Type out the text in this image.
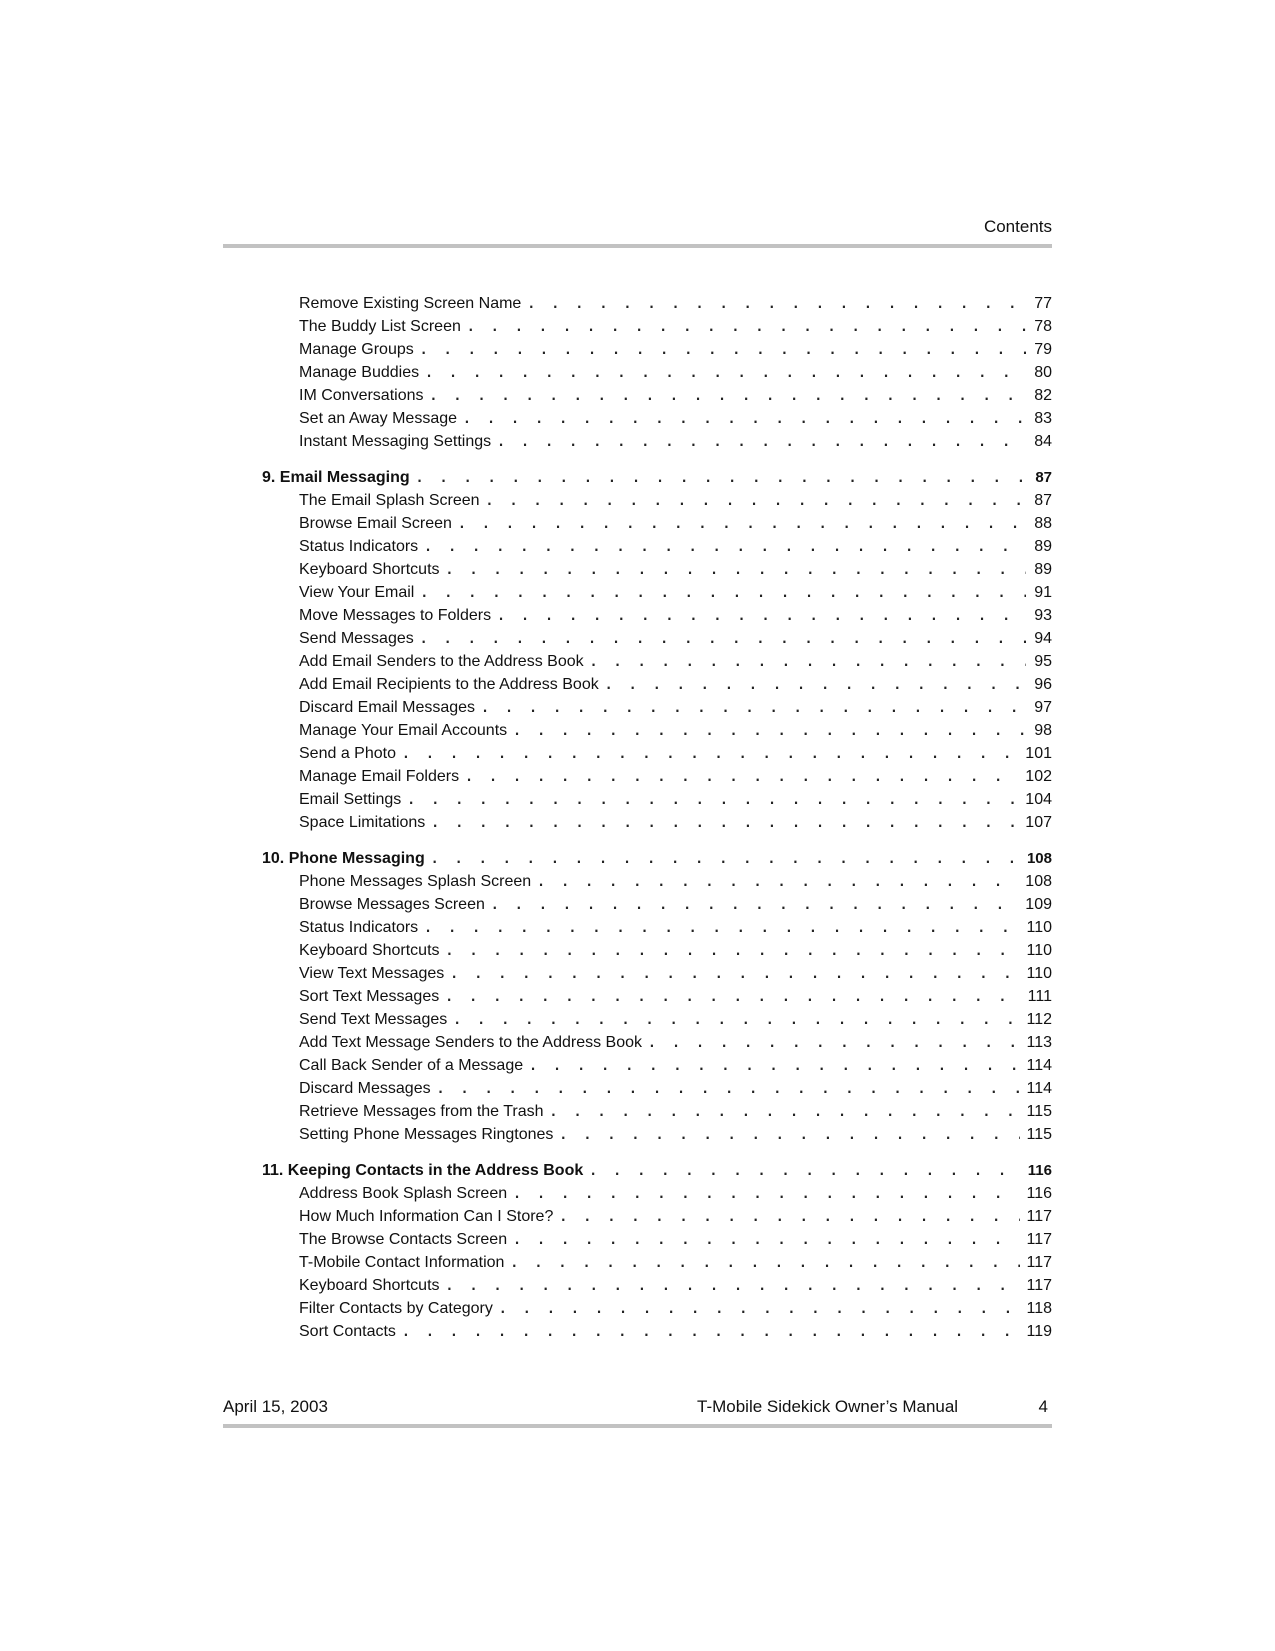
Contents
Remove Existing Screen Name . . .	77
The Buddy List Screen . . .	78
Manage Groups . . .	79
Manage Buddies . . .	80
IM Conversations . . .	82
Set an Away Message . . .	83
Instant Messaging Settings . . .	84
9. Email Messaging . . .	87
The Email Splash Screen . . .	87
Browse Email Screen . . .	88
Status Indicators . . .	89
Keyboard Shortcuts . . .	89
View Your Email . . .	91
Move Messages to Folders . . .	93
Send Messages . . .	94
Add Email Senders to the Address Book . . .	95
Add Email Recipients to the Address Book . . .	96
Discard Email Messages . . .	97
Manage Your Email Accounts . . .	98
Send a Photo . . .	101
Manage Email Folders . . .	102
Email Settings . . .	104
Space Limitations . . .	107
10. Phone Messaging . . .	108
Phone Messages Splash Screen . . .	108
Browse Messages Screen . . .	109
Status Indicators . . .	110
Keyboard Shortcuts . . .	110
View Text Messages . . .	110
Sort Text Messages . . .	111
Send Text Messages . . .	112
Add Text Message Senders to the Address Book . . .	113
Call Back Sender of a Message . . .	114
Discard Messages . . .	114
Retrieve Messages from the Trash . . .	115
Setting Phone Messages Ringtones . . .	115
11. Keeping Contacts in the Address Book . . .	116
Address Book Splash Screen . . .	116
How Much Information Can I Store? . . .	117
The Browse Contacts Screen . . .	117
T-Mobile Contact Information . . .	117
Keyboard Shortcuts . . .	117
Filter Contacts by Category . . .	118
Sort Contacts . . .	119
April 15, 2003	T-Mobile Sidekick Owner’s Manual	4
